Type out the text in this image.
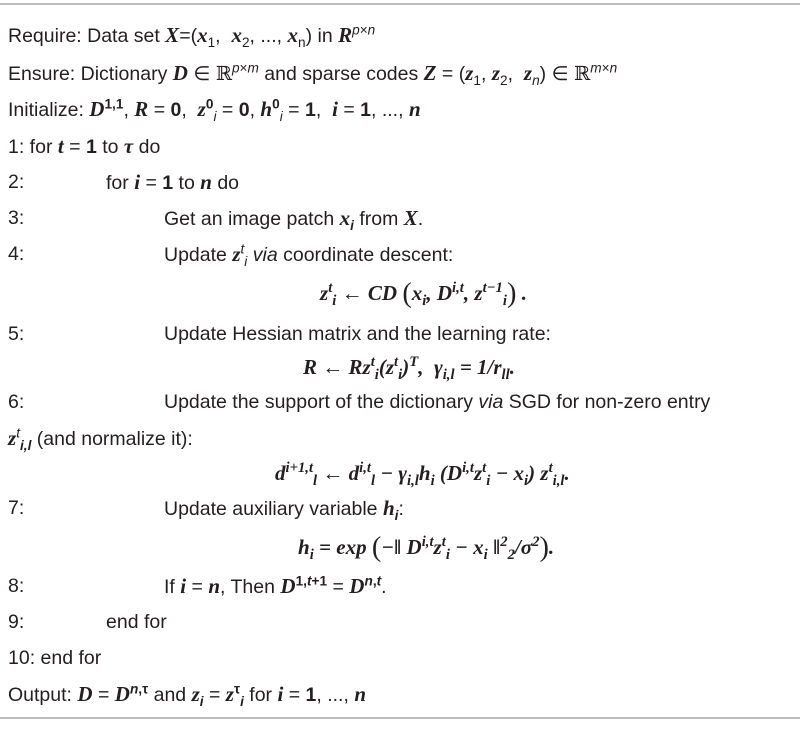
Require: Data set $X=(x_1$,  $x_2$, ..., $x_n$) in $R^{p\times n}$
Ensure: Dictionary D ∈ ℝ$^{p\times m}$ and sparse codes $Z = (z_1$, $z_2$,  $z_n$) ∈ ℝ$^{m\times n}$
Initialize: D$^{1,1}$, R = 0,  $z^0_i = 0$, $h^0_i = 1$,  i = 1, ..., n
1: for t = 1 to τ do
2:	for i = 1 to n do
3:	Get an image patch $x_i$ from X.
4:	Update $z^t_i$ via coordinate descent:
$z^t_i$ ← CD ($x_i$, D$^{i,t}$, $z^{t-1}_i$) .
5:	Update Hessian matrix and the learning rate:
R ← $Rz^t_i(z^t_i)^T$,  $\gamma_{i,l} = 1/r_{ll}$.
6:	Update the support of the dictionary via SGD for non-zero entry
$z^t_{i,l}$ (and normalize it):
$d^{i+1,t}_l$ ← $d^{i,t}_l - \gamma_{i,l}h_i$ $(D^{i,t}z^t_i - x_i)$ $z^t_{i,l}$.
7:	Update auxiliary variable $h_i$:
$h_i = \exp$ (−‖ $D^{i,t}z^t_i - x_i$ $‖^2_2/\sigma^2$).
8:	If i = n, Then $D^{1,t+1} = D^{n,t}$.
9:	end for
10: end for
Output: $D = D^{n,\tau}$ and $z_i = z^\tau_i$ for i = 1, ..., n
